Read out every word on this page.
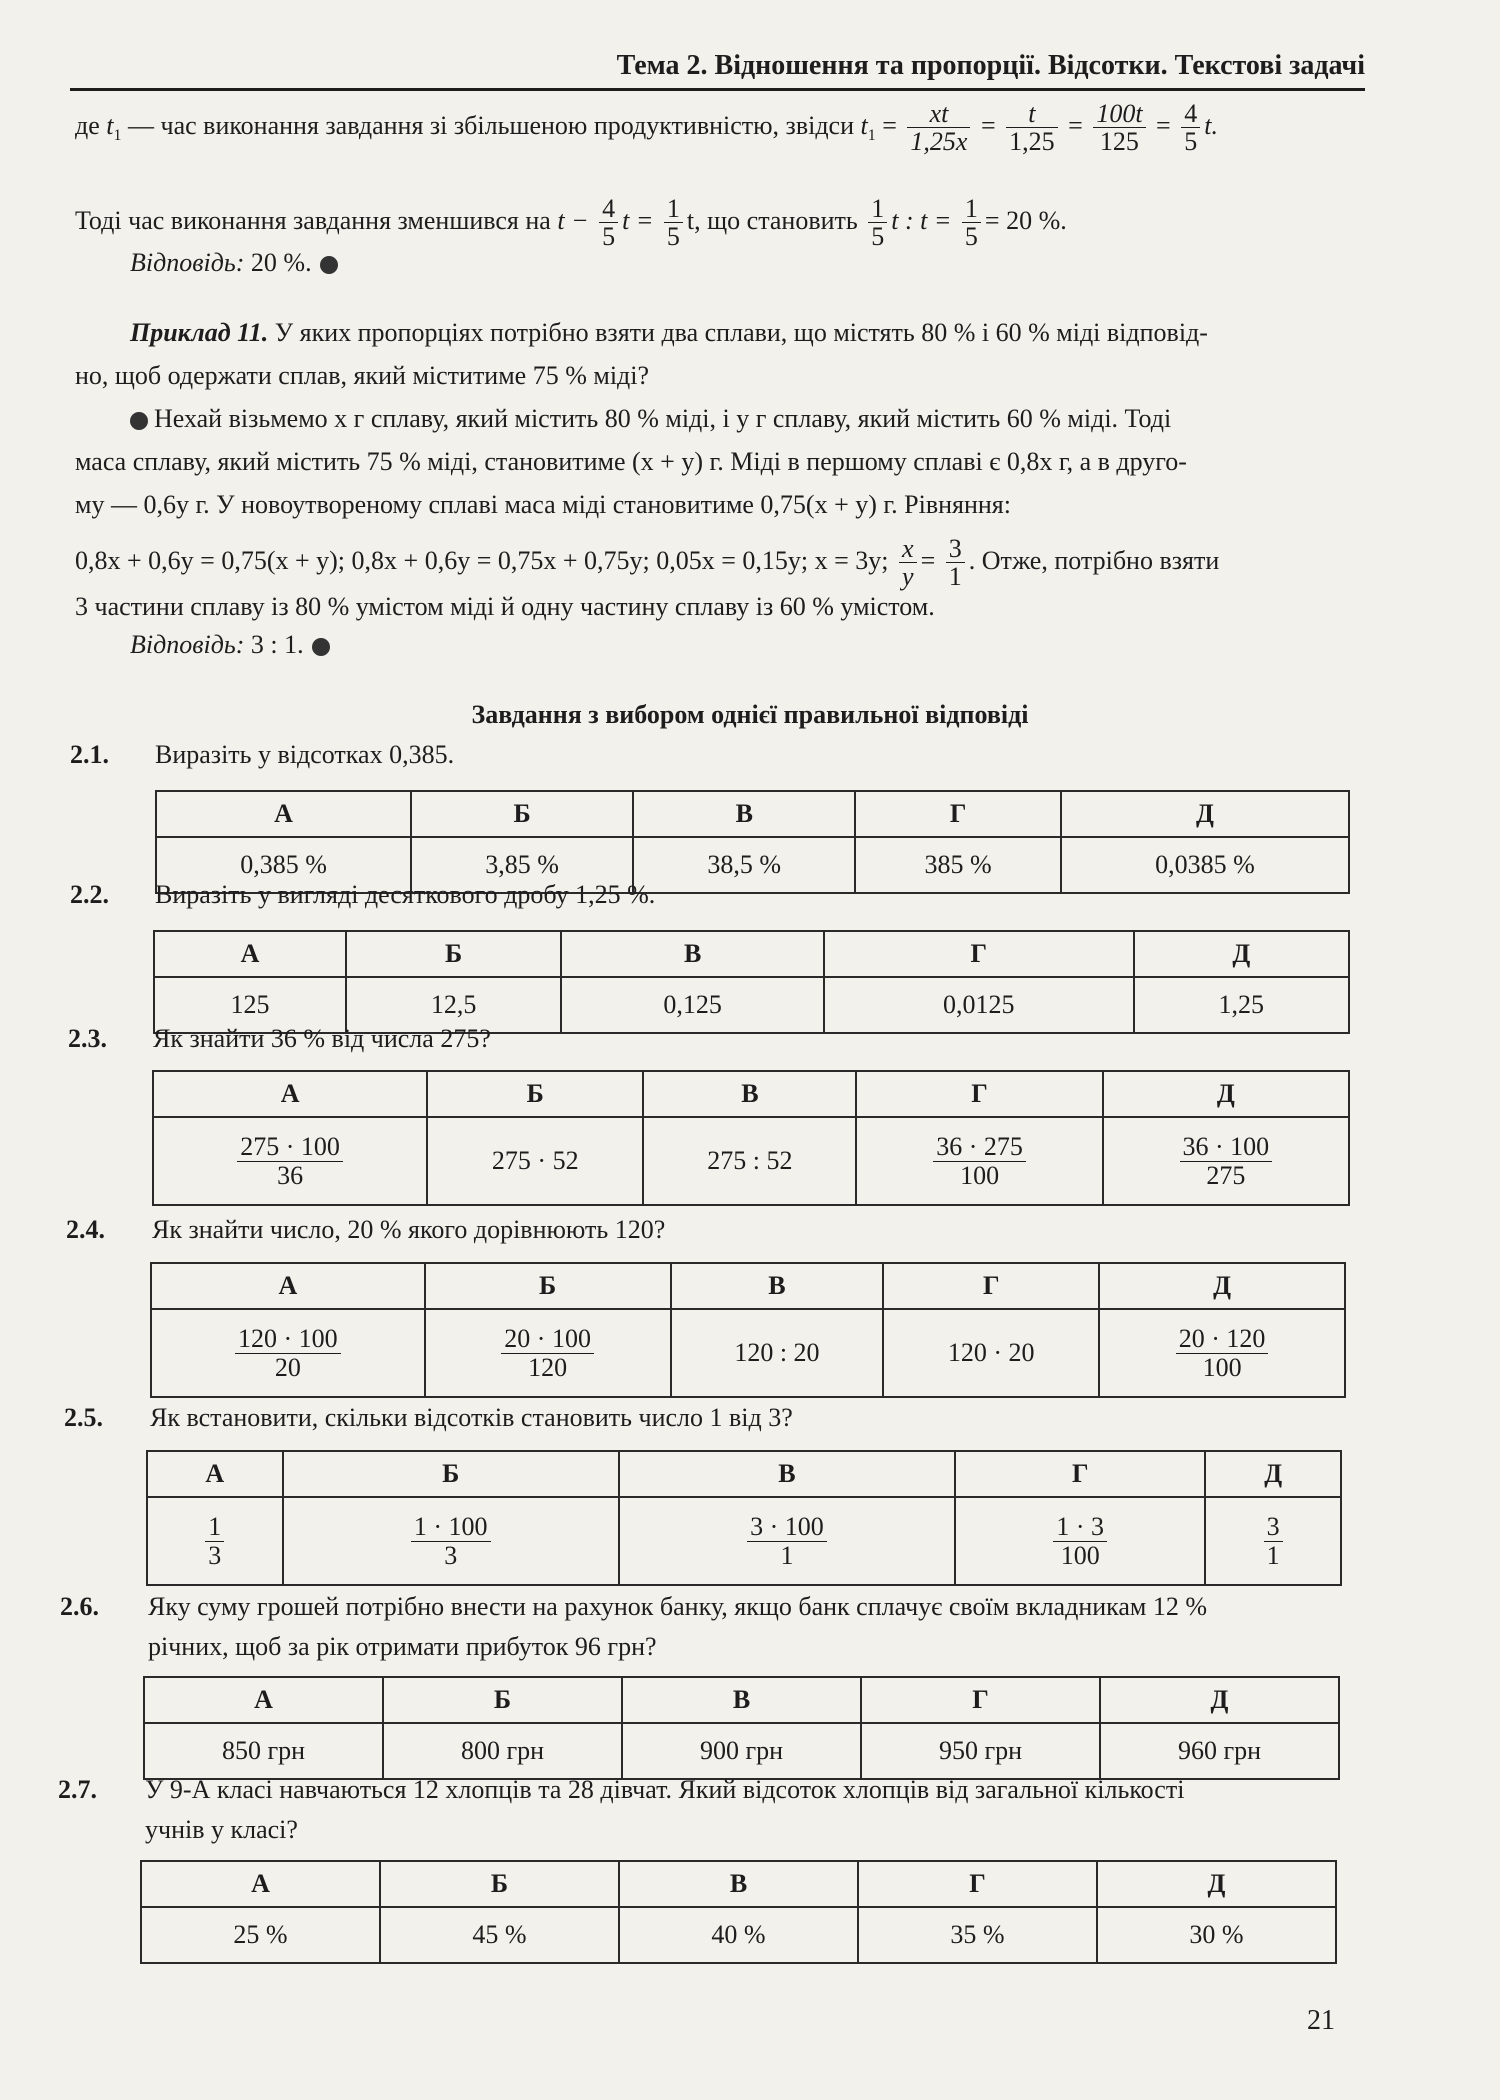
Тема 2. Відношення та пропорції. Відсотки. Текстові задачі
де $t_1$ — час виконання завдання зі збільшеною продуктивністю, звідси $t_1 = \frac{xt}{1,25x} = \frac{t}{1,25} = \frac{100t}{125} = \frac{4}{5} t$.
Тоді час виконання завдання зменшився на $t - \frac{4}{5}$ $t = \frac{1}{5} t$, що становить $\frac{1}{5}$ t : $t = \frac{1}{5} = 20$ %.
Відповідь: 20 %.
Приклад 11. У яких пропорціях потрібно взяти два сплави, що містять 80 % і 60 % міді відповід-
но, щоб одержати сплав, який міститиме 75 % міді?
Нехай візьмемо x г сплаву, який містить 80 % міді, і y г сплаву, який містить 60 % міді. Тоді
маса сплаву, який містить 75 % міді, становитиме (x + y) г. Міді в першому сплаві є 0,8x г, а в друго-
му — 0,6y г. У новоутвореному сплаві маса міді становитиме 0,75(x + y) г. Рівняння:
0,8x + 0,6y = 0,75(x + y); 0,8x + 0,6y = 0,75x + 0,75y; 0,05x = 0,15y; x = 3y; $\frac{x}{y} = \frac{3}{1}$ . Отже, потрібно взяти
3 частини сплаву із 80 % умістом міді й одну частину сплаву із 60 % умістом.
Відповідь: 3 : 1.
Завдання з вибором однієї правильної відповіді
2.1. Виразіть у відсотках 0,385.
А	Б	В	Г	Д
0,385 %	3,85 %	38,5 %	385 %	0,0385 %
2.2. Виразіть у вигляді десяткового дробу 1,25 %.
А	Б	В	Г	Д
125	12,5	0,125	0,0125	1,25
2.3. Як знайти 36 % від числа 275?
А	Б	В	Г	Д

$\frac{275 \cdot 100}{36}$	275 · 52	275 : 52	$\frac{36 \cdot 275}{100}$	$\frac{36 \cdot 100}{275}$
2.4. Як знайти число, 20 % якого дорівнюють 120?
А	Б	В	Г	Д

$\frac{120 \cdot 100}{20}$	$\frac{20 \cdot 100}{120}$	120 : 20	120 · 20	$\frac{20 \cdot 120}{100}$
2.5. Як встановити, скільки відсотків становить число 1 від 3?
А	Б	В	Г	Д

$\frac{1}{3}$	$\frac{1 \cdot 100}{3}$	$\frac{3 \cdot 100}{1}$	$\frac{1 \cdot 3}{100}$	$\frac{3}{1}$
2.6. Яку суму грошей потрібно внести на рахунок банку, якщо банк сплачує своїм вкладникам 12 %
річних, щоб за рік отримати прибуток 96 грн?
А	Б	В	Г	Д
850 грн	800 грн	900 грн	950 грн	960 грн
2.7. У 9-А класі навчаються 12 хлопців та 28 дівчат. Який відсоток хлопців від загальної кількості
учнів у класі?
А	Б	В	Г	Д
25 %	45 %	40 %	35 %	30 %
21
